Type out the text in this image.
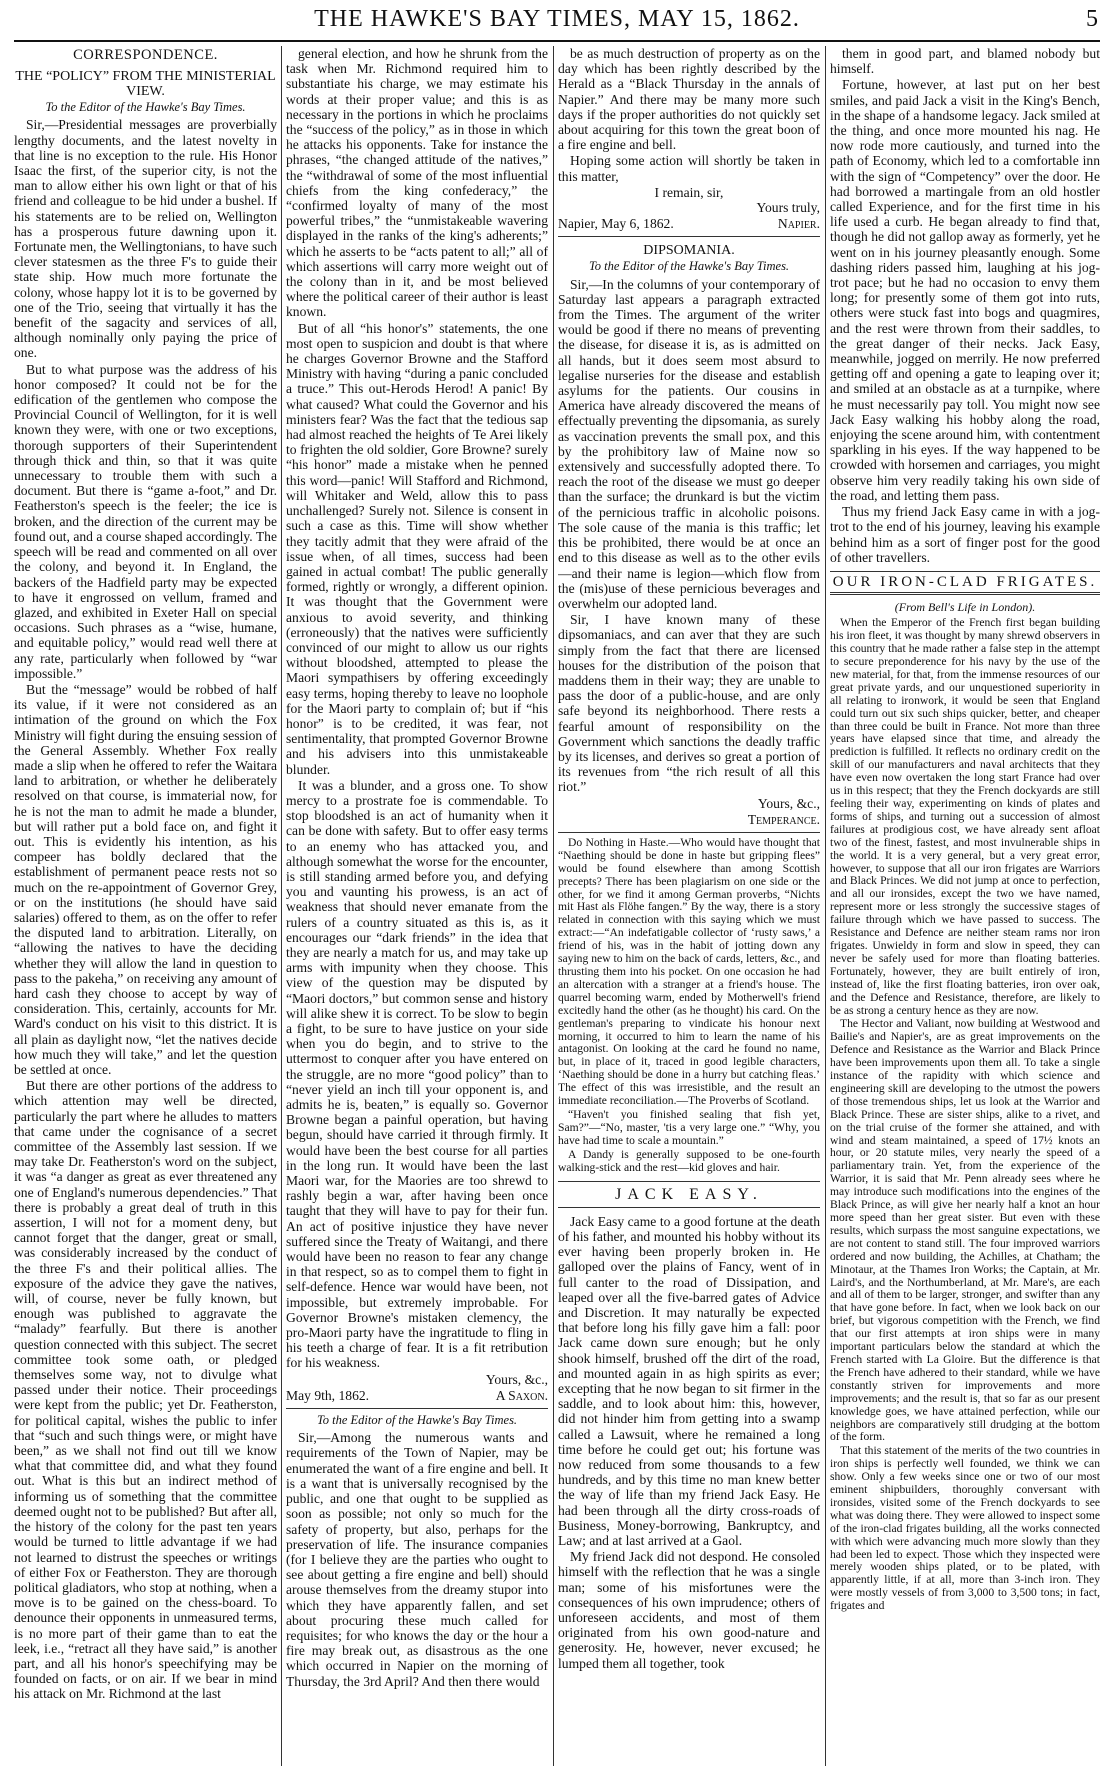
THE HAWKE'S BAY TIMES, MAY 15, 1862.	5
CORRESPONDENCE.
THE “POLICY” FROM THE MINISTERIAL VIEW.
To the Editor of the Hawke's Bay Times.

Sir,—Presidential messages are proverbially lengthy documents, and the latest novelty in that line is no exception to the rule. His Honor Isaac the first, of the superior city, is not the man to allow either his own light or that of his friend and colleague to be hid under a bushel. If his statements are to be relied on, Wellington has a prosperous future dawning upon it. Fortunate men, the Wellingtonians, to have such clever statesmen as the three F's to guide their state ship. How much more fortunate the colony, whose happy lot it is to be governed by one of the Trio, seeing that virtually it has the benefit of the sagacity and services of all, although nominally only paying the price of one.

But to what purpose was the address of his honor composed? It could not be for the edification of the gentlemen who compose the Provincial Council of Wellington, for it is well known they were, with one or two exceptions, thorough supporters of their Superintendent through thick and thin, so that it was quite unnecessary to trouble them with such a document. But there is “game a-foot,” and Dr. Featherston's speech is the feeler; the ice is broken, and the direction of the current may be found out, and a course shaped accordingly. The speech will be read and commented on all over the colony, and beyond it. In England, the backers of the Hadfield party may be expected to have it engrossed on vellum, framed and glazed, and exhibited in Exeter Hall on special occasions. Such phrases as a “wise, humane, and equitable policy,” would read well there at any rate, particularly when followed by “war impossible.”

But the “message” would be robbed of half its value, if it were not considered as an intimation of the ground on which the Fox Ministry will fight during the ensuing session of the General Assembly. Whether Fox really made a slip when he offered to refer the Waitara land to arbitration, or whether he deliberately resolved on that course, is immaterial now, for he is not the man to admit he made a blunder, but will rather put a bold face on, and fight it out. This is evidently his intention, as his compeer has boldly declared that the establishment of permanent peace rests not so much on the re-appointment of Governor Grey, or on the institutions (he should have said salaries) offered to them, as on the offer to refer the disputed land to arbitration. Literally, on “allowing the natives to have the deciding whether they will allow the land in question to pass to the pakeha,” on receiving any amount of hard cash they choose to accept by way of consideration. This, certainly, accounts for Mr. Ward's conduct on his visit to this district. It is all plain as daylight now, “let the natives decide how much they will take,” and let the question be settled at once.

But there are other portions of the address to which attention may well be directed, particularly the part where he alludes to matters that came under the cognisance of a secret committee of the Assembly last session. If we may take Dr. Featherston's word on the subject, it was “a danger as great as ever threatened any one of England's numerous dependencies.” That there is probably a great deal of truth in this assertion, I will not for a moment deny, but cannot forget that the danger, great or small, was considerably increased by the conduct of the three F's and their political allies. The exposure of the advice they gave the natives, will, of course, never be fully known, but enough was published to aggravate the “malady” fearfully. But there is another question connected with this subject. The secret committee took some oath, or pledged themselves some way, not to divulge what passed under their notice. Their proceedings were kept from the public; yet Dr. Featherston, for political capital, wishes the public to infer that “such and such things were, or might have been,” as we shall not find out till we know what that committee did, and what they found out. What is this but an indirect method of informing us of something that the committee deemed ought not to be published? But after all, the history of the colony for the past ten years would be turned to little advantage if we had not learned to distrust the speeches or writings of either Fox or Featherston. They are thorough political gladiators, who stop at nothing, when a move is to be gained on the chess-board. To denounce their opponents in unmeasured terms, is no more part of their game than to eat the leek, i.e., “retract all they have said,” is another part, and all his honor's speechifying may be founded on facts, or on air. If we bear in mind his attack on Mr. Richmond at the last

general election, and how he shrunk from the task when Mr. Richmond required him to substantiate his charge, we may estimate his words at their proper value; and this is as necessary in the portions in which he proclaims the “success of the policy,” as in those in which he attacks his opponents. Take for instance the phrases, “the changed attitude of the natives,” the “withdrawal of some of the most influential chiefs from the king confederacy,” the “confirmed loyalty of many of the most powerful tribes,” the “unmistakeable wavering displayed in the ranks of the king's adherents;” which he asserts to be “acts patent to all;” all of which assertions will carry more weight out of the colony than in it, and be most believed where the political career of their author is least known.

But of all “his honor's” statements, the one most open to suspicion and doubt is that where he charges Governor Browne and the Stafford Ministry with having “during a panic concluded a truce.” This out-Herods Herod! A panic! By what caused? What could the Governor and his ministers fear? Was the fact that the tedious sap had almost reached the heights of Te Arei likely to frighten the old soldier, Gore Browne? surely “his honor” made a mistake when he penned this word—panic! Will Stafford and Richmond, will Whitaker and Weld, allow this to pass unchallenged? Surely not. Silence is consent in such a case as this. Time will show whether they tacitly admit that they were afraid of the issue when, of all times, success had been gained in actual combat! The public generally formed, rightly or wrongly, a different opinion. It was thought that the Government were anxious to avoid severity, and thinking (erroneously) that the natives were sufficiently convinced of our might to allow us our rights without bloodshed, attempted to please the Maori sympathisers by offering exceedingly easy terms, hoping thereby to leave no loophole for the Maori party to complain of; but if “his honor” is to be credited, it was fear, not sentimentality, that prompted Governor Browne and his advisers into this unmistakeable blunder.

It was a blunder, and a gross one. To show mercy to a prostrate foe is commendable. To stop bloodshed is an act of humanity when it can be done with safety. But to offer easy terms to an enemy who has attacked you, and although somewhat the worse for the encounter, is still standing armed before you, and defying you and vaunting his prowess, is an act of weakness that should never emanate from the rulers of a country situated as this is, as it encourages our “dark friends” in the idea that they are nearly a match for us, and may take up arms with impunity when they choose. This view of the question may be disputed by “Maori doctors,” but common sense and history will alike shew it is correct. To be slow to begin a fight, to be sure to have justice on your side when you do begin, and to strive to the uttermost to conquer after you have entered on the struggle, are no more “good policy” than to “never yield an inch till your opponent is, and admits he is, beaten,” is equally so. Governor Browne began a painful operation, but having begun, should have carried it through firmly. It would have been the best course for all parties in the long run. It would have been the last Maori war, for the Maories are too shrewd to rashly begin a war, after having been once taught that they will have to pay for their fun. An act of positive injustice they have never suffered since the Treaty of Waitangi, and there would have been no reason to fear any change in that respect, so as to compel them to fight in self-defence. Hence war would have been, not impossible, but extremely improbable. For Governor Browne's mistaken clemency, the pro-Maori party have the ingratitude to fling in his teeth a charge of fear. It is a fit retribution for his weakness.

Yours, &c.,
May 9th, 1862.	A Saxon.
To the Editor of the Hawke's Bay Times.

Sir,—Among the numerous wants and requirements of the Town of Napier, may be enumerated the want of a fire engine and bell. It is a want that is universally recognised by the public, and one that ought to be supplied as soon as possible; not only so much for the safety of property, but also, perhaps for the preservation of life. The insurance companies (for I believe they are the parties who ought to see about getting a fire engine and bell) should arouse themselves from the dreamy stupor into which they have apparently fallen, and set about procuring these much called for requisites; for who knows the day or the hour a fire may break out, as disastrous as the one which occurred in Napier on the morning of Thursday, the 3rd April? And then there would

be as much destruction of property as on the day which has been rightly described by the Herald as a “Black Thursday in the annals of Napier.” And there may be many more such days if the proper authorities do not quickly set about acquiring for this town the great boon of a fire engine and bell.

Hoping some action will shortly be taken in this matter,

I remain, sir,
Yours truly,
Napier, May 6, 1862.	Napier.
DIPSOMANIA.
To the Editor of the Hawke's Bay Times.

Sir,—In the columns of your contemporary of Saturday last appears a paragraph extracted from the Times. The argument of the writer would be good if there no means of preventing the disease, for disease it is, as is admitted on all hands, but it does seem most absurd to legalise nurseries for the disease and establish asylums for the patients. Our cousins in America have already discovered the means of effectually preventing the dipsomania, as surely as vaccination prevents the small pox, and this by the prohibitory law of Maine now so extensively and successfully adopted there. To reach the root of the disease we must go deeper than the surface; the drunkard is but the victim of the pernicious traffic in alcoholic poisons. The sole cause of the mania is this traffic; let this be prohibited, there would be at once an end to this disease as well as to the other evils—and their name is legion—which flow from the (mis)use of these pernicious beverages and overwhelm our adopted land.

Sir, I have known many of these dipsomaniacs, and can aver that they are such simply from the fact that there are licensed houses for the distribution of the poison that maddens them in their way; they are unable to pass the door of a public-house, and are only safe beyond its neighborhood. There rests a fearful amount of responsibility on the Government which sanctions the deadly traffic by its licenses, and derives so great a portion of its revenues from “the rich result of all this riot.”

Yours, &c.,
Temperance.

Do Nothing in Haste.—Who would have thought that “Naething should be done in haste but gripping flees” would be found elsewhere than among Scottish precepts? There has been plagiarism on one side or the other, for we find it among German proverbs, “Nichts mit Hast als Flöhe fangen.” By the way, there is a story related in connection with this saying which we must extract:—“An indefatigable collector of ‘rusty saws,’ a friend of his, was in the habit of jotting down any saying new to him on the back of cards, letters, &c., and thrusting them into his pocket. On one occasion he had an altercation with a stranger at a friend's house. The quarrel becoming warm, ended by Motherwell's friend excitedly hand the other (as he thought) his card. On the gentleman's preparing to vindicate his honour next morning, it occurred to him to learn the name of his antagonist. On looking at the card he found no name, but, in place of it, traced in good legible characters, ‘Naething should be done in a hurry but catching fleas.’ The effect of this was irresistible, and the result an immediate reconciliation.—The Proverbs of Scotland.

“Haven't you finished sealing that fish yet, Sam?”—“No, master, 'tis a very large one.” “Why, you have had time to scale a mountain.”

A Dandy is generally supposed to be one-fourth walking-stick and the rest—kid gloves and hair.

JACK EASY.

Jack Easy came to a good fortune at the death of his father, and mounted his hobby without its ever having been properly broken in. He galloped over the plains of Fancy, went of in full canter to the road of Dissipation, and leaped over all the five-barred gates of Advice and Discretion. It may naturally be expected that before long his filly gave him a fall: poor Jack came down sure enough; but he only shook himself, brushed off the dirt of the road, and mounted again in as high spirits as ever; excepting that he now began to sit firmer in the saddle, and to look about him: this, however, did not hinder him from getting into a swamp called a Lawsuit, where he remained a long time before he could get out; his fortune was now reduced from some thousands to a few hundreds, and by this time no man knew better the way of life than my friend Jack Easy. He had been through all the dirty cross-roads of Business, Money-borrowing, Bankruptcy, and Law; and at last arrived at a Gaol.

My friend Jack did not despond. He consoled himself with the reflection that he was a single man; some of his misfortunes were the consequences of his own imprudence; others of unforeseen accidents, and most of them originated from his own good-nature and generosity. He, however, never excused; he lumped them all together, took

them in good part, and blamed nobody but himself.

Fortune, however, at last put on her best smiles, and paid Jack a visit in the King's Bench, in the shape of a handsome legacy. Jack smiled at the thing, and once more mounted his nag. He now rode more cautiously, and turned into the path of Economy, which led to a comfortable inn with the sign of “Competency” over the door. He had borrowed a martingale from an old hostler called Experience, and for the first time in his life used a curb. He began already to find that, though he did not gallop away as formerly, yet he went on in his journey pleasantly enough. Some dashing riders passed him, laughing at his jog-trot pace; but he had no occasion to envy them long; for presently some of them got into ruts, others were stuck fast into bogs and quagmires, and the rest were thrown from their saddles, to the great danger of their necks. Jack Easy, meanwhile, jogged on merrily. He now preferred getting off and opening a gate to leaping over it; and smiled at an obstacle as at a turnpike, where he must necessarily pay toll. You might now see Jack Easy walking his hobby along the road, enjoying the scene around him, with contentment sparkling in his eyes. If the way happened to be crowded with horsemen and carriages, you might observe him very readily taking his own side of the road, and letting them pass.

Thus my friend Jack Easy came in with a jog-trot to the end of his journey, leaving his example behind him as a sort of finger post for the good of other travellers.

OUR IRON-CLAD FRIGATES.
(From Bell's Life in London).

When the Emperor of the French first began building his iron fleet, it was thought by many shrewd observers in this country that he made rather a false step in the attempt to secure preponderence for his navy by the use of the new material, for that, from the immense resources of our great private yards, and our unquestioned superiority in all relating to ironwork, it would be seen that England could turn out six such ships quicker, better, and cheaper than three could be built in France. Not more than three years have elapsed since that time, and already the prediction is fulfilled. It reflects no ordinary credit on the skill of our manufacturers and naval architects that they have even now overtaken the long start France had over us in this respect; that they the French dockyards are still feeling their way, experimenting on kinds of plates and forms of ships, and turning out a succession of almost failures at prodigious cost, we have already sent afloat two of the finest, fastest, and most invulnerable ships in the world. It is a very general, but a very great error, however, to suppose that all our iron frigates are Warriors and Black Princes. We did not jump at once to perfection, and all our ironsides, except the two we have named, represent more or less strongly the successive stages of failure through which we have passed to success. The Resistance and Defence are neither steam rams nor iron frigates. Unwieldy in form and slow in speed, they can never be safely used for more than floating batteries. Fortunately, however, they are built entirely of iron, instead of, like the first floating batteries, iron over oak, and the Defence and Resistance, therefore, are likely to be as strong a century hence as they are now.

The Hector and Valiant, now building at Westwood and Bailie's and Napier's, are as great improvements on the Defence and Resistance as the Warrior and Black Prince have been improvements upon them all. To take a single instance of the rapidity with which science and engineering skill are developing to the utmost the powers of those tremendous ships, let us look at the Warrior and Black Prince. These are sister ships, alike to a rivet, and on the trial cruise of the former she attained, and with wind and steam maintained, a speed of 17½ knots an hour, or 20 statute miles, very nearly the speed of a parliamentary train. Yet, from the experience of the Warrior, it is said that Mr. Penn already sees where he may introduce such modifications into the engines of the Black Prince, as will give her nearly half a knot an hour more speed than her great sister. But even with these results, which surpass the most sanguine expectations, we are not content to stand still. The four improved warriors ordered and now building, the Achilles, at Chatham; the Minotaur, at the Thames Iron Works; the Captain, at Mr. Laird's, and the Northumberland, at Mr. Mare's, are each and all of them to be larger, stronger, and swifter than any that have gone before. In fact, when we look back on our brief, but vigorous competition with the French, we find that our first attempts at iron ships were in many important particulars below the standard at which the French started with La Gloire. But the difference is that the French have adhered to their standard, while we have constantly striven for improvements and more improvements; and the result is, that so far as our present knowledge goes, we have attained perfection, while our neighbors are comparatively still drudging at the bottom of the form.

That this statement of the merits of the two countries in iron ships is perfectly well founded, we think we can show. Only a few weeks since one or two of our most eminent shipbuilders, thoroughly conversant with ironsides, visited some of the French dockyards to see what was doing there. They were allowed to inspect some of the iron-clad frigates building, all the works connected with which were advancing much more slowly than they had been led to expect. Those which they inspected were merely wooden ships plated, or to be plated, with apparently little, if at all, more than 3-inch iron. They were mostly vessels of from 3,000 to 3,500 tons; in fact, frigates and
